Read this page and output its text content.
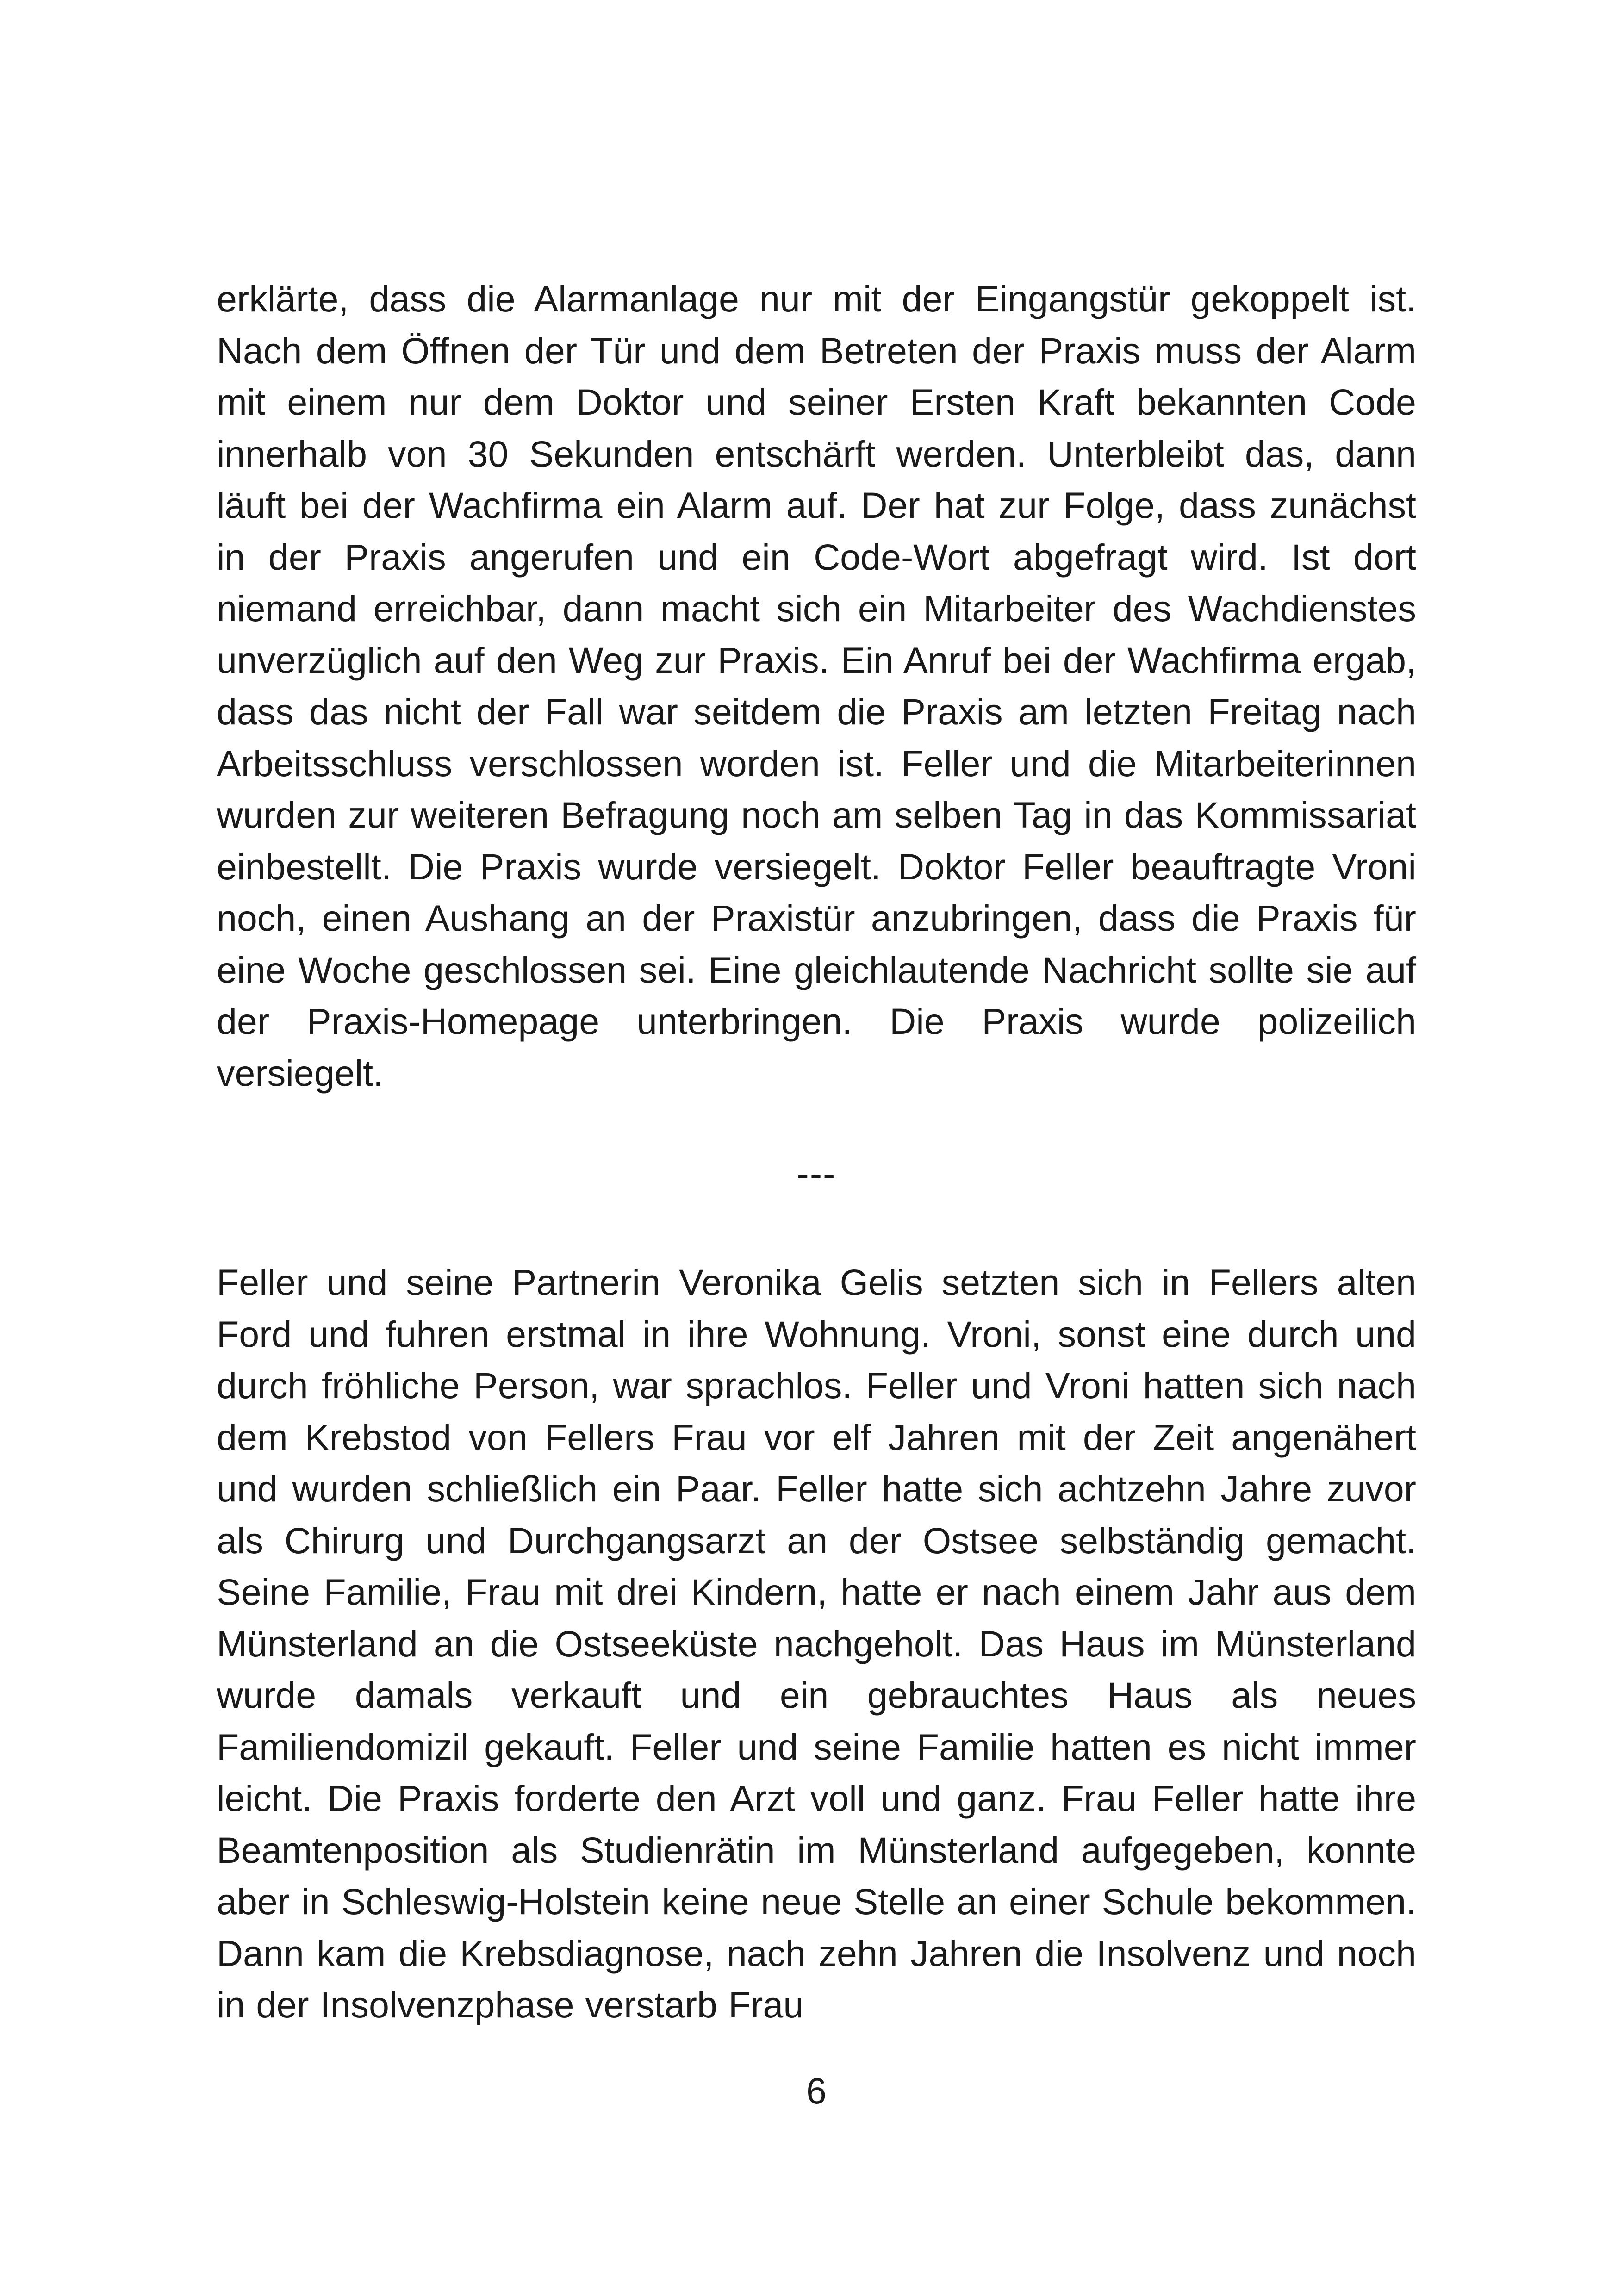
erklärte, dass die Alarmanlage nur mit der Eingangstür gekoppelt ist. Nach dem Öffnen der Tür und dem Betreten der Praxis muss der Alarm mit einem nur dem Doktor und seiner Ersten Kraft bekannten Code innerhalb von 30 Sekunden entschärft werden. Unterbleibt das, dann läuft bei der Wachfirma ein Alarm auf. Der hat zur Folge, dass zunächst in der Praxis angerufen und ein Code-Wort abgefragt wird. Ist dort niemand erreichbar, dann macht sich ein Mitarbeiter des Wachdienstes unverzüglich auf den Weg zur Praxis. Ein Anruf bei der Wachfirma ergab, dass das nicht der Fall war seitdem die Praxis am letzten Freitag nach Arbeitsschluss verschlossen worden ist. Feller und die Mitarbeiterinnen wurden zur weiteren Befragung noch am selben Tag in das Kommissariat einbestellt. Die Praxis wurde versiegelt. Doktor Feller beauftragte Vroni noch, einen Aushang an der Praxistür anzubringen, dass die Praxis für eine Woche geschlossen sei. Eine gleichlautende Nachricht sollte sie auf der Praxis-Homepage unterbringen. Die Praxis wurde polizeilich versiegelt.

---

Feller und seine Partnerin Veronika Gelis setzten sich in Fellers alten Ford und fuhren erstmal in ihre Wohnung. Vroni, sonst eine durch und durch fröhliche Person, war sprachlos. Feller und Vroni hatten sich nach dem Krebstod von Fellers Frau vor elf Jahren mit der Zeit angenähert und wurden schließlich ein Paar. Feller hatte sich achtzehn Jahre zuvor als Chirurg und Durchgangsarzt an der Ostsee selbständig gemacht. Seine Familie, Frau mit drei Kindern, hatte er nach einem Jahr aus dem Münsterland an die Ostseeküste nachgeholt. Das Haus im Münsterland wurde damals verkauft und ein gebrauchtes Haus als neues Familiendomizil gekauft. Feller und seine Familie hatten es nicht immer leicht. Die Praxis forderte den Arzt voll und ganz. Frau Feller hatte ihre Beamtenposition als Studienrätin im Münsterland aufgegeben, konnte aber in Schleswig-Holstein keine neue Stelle an einer Schule bekommen. Dann kam die Krebsdiagnose, nach zehn Jahren die Insolvenz und noch in der Insolvenzphase verstarb Frau

6
